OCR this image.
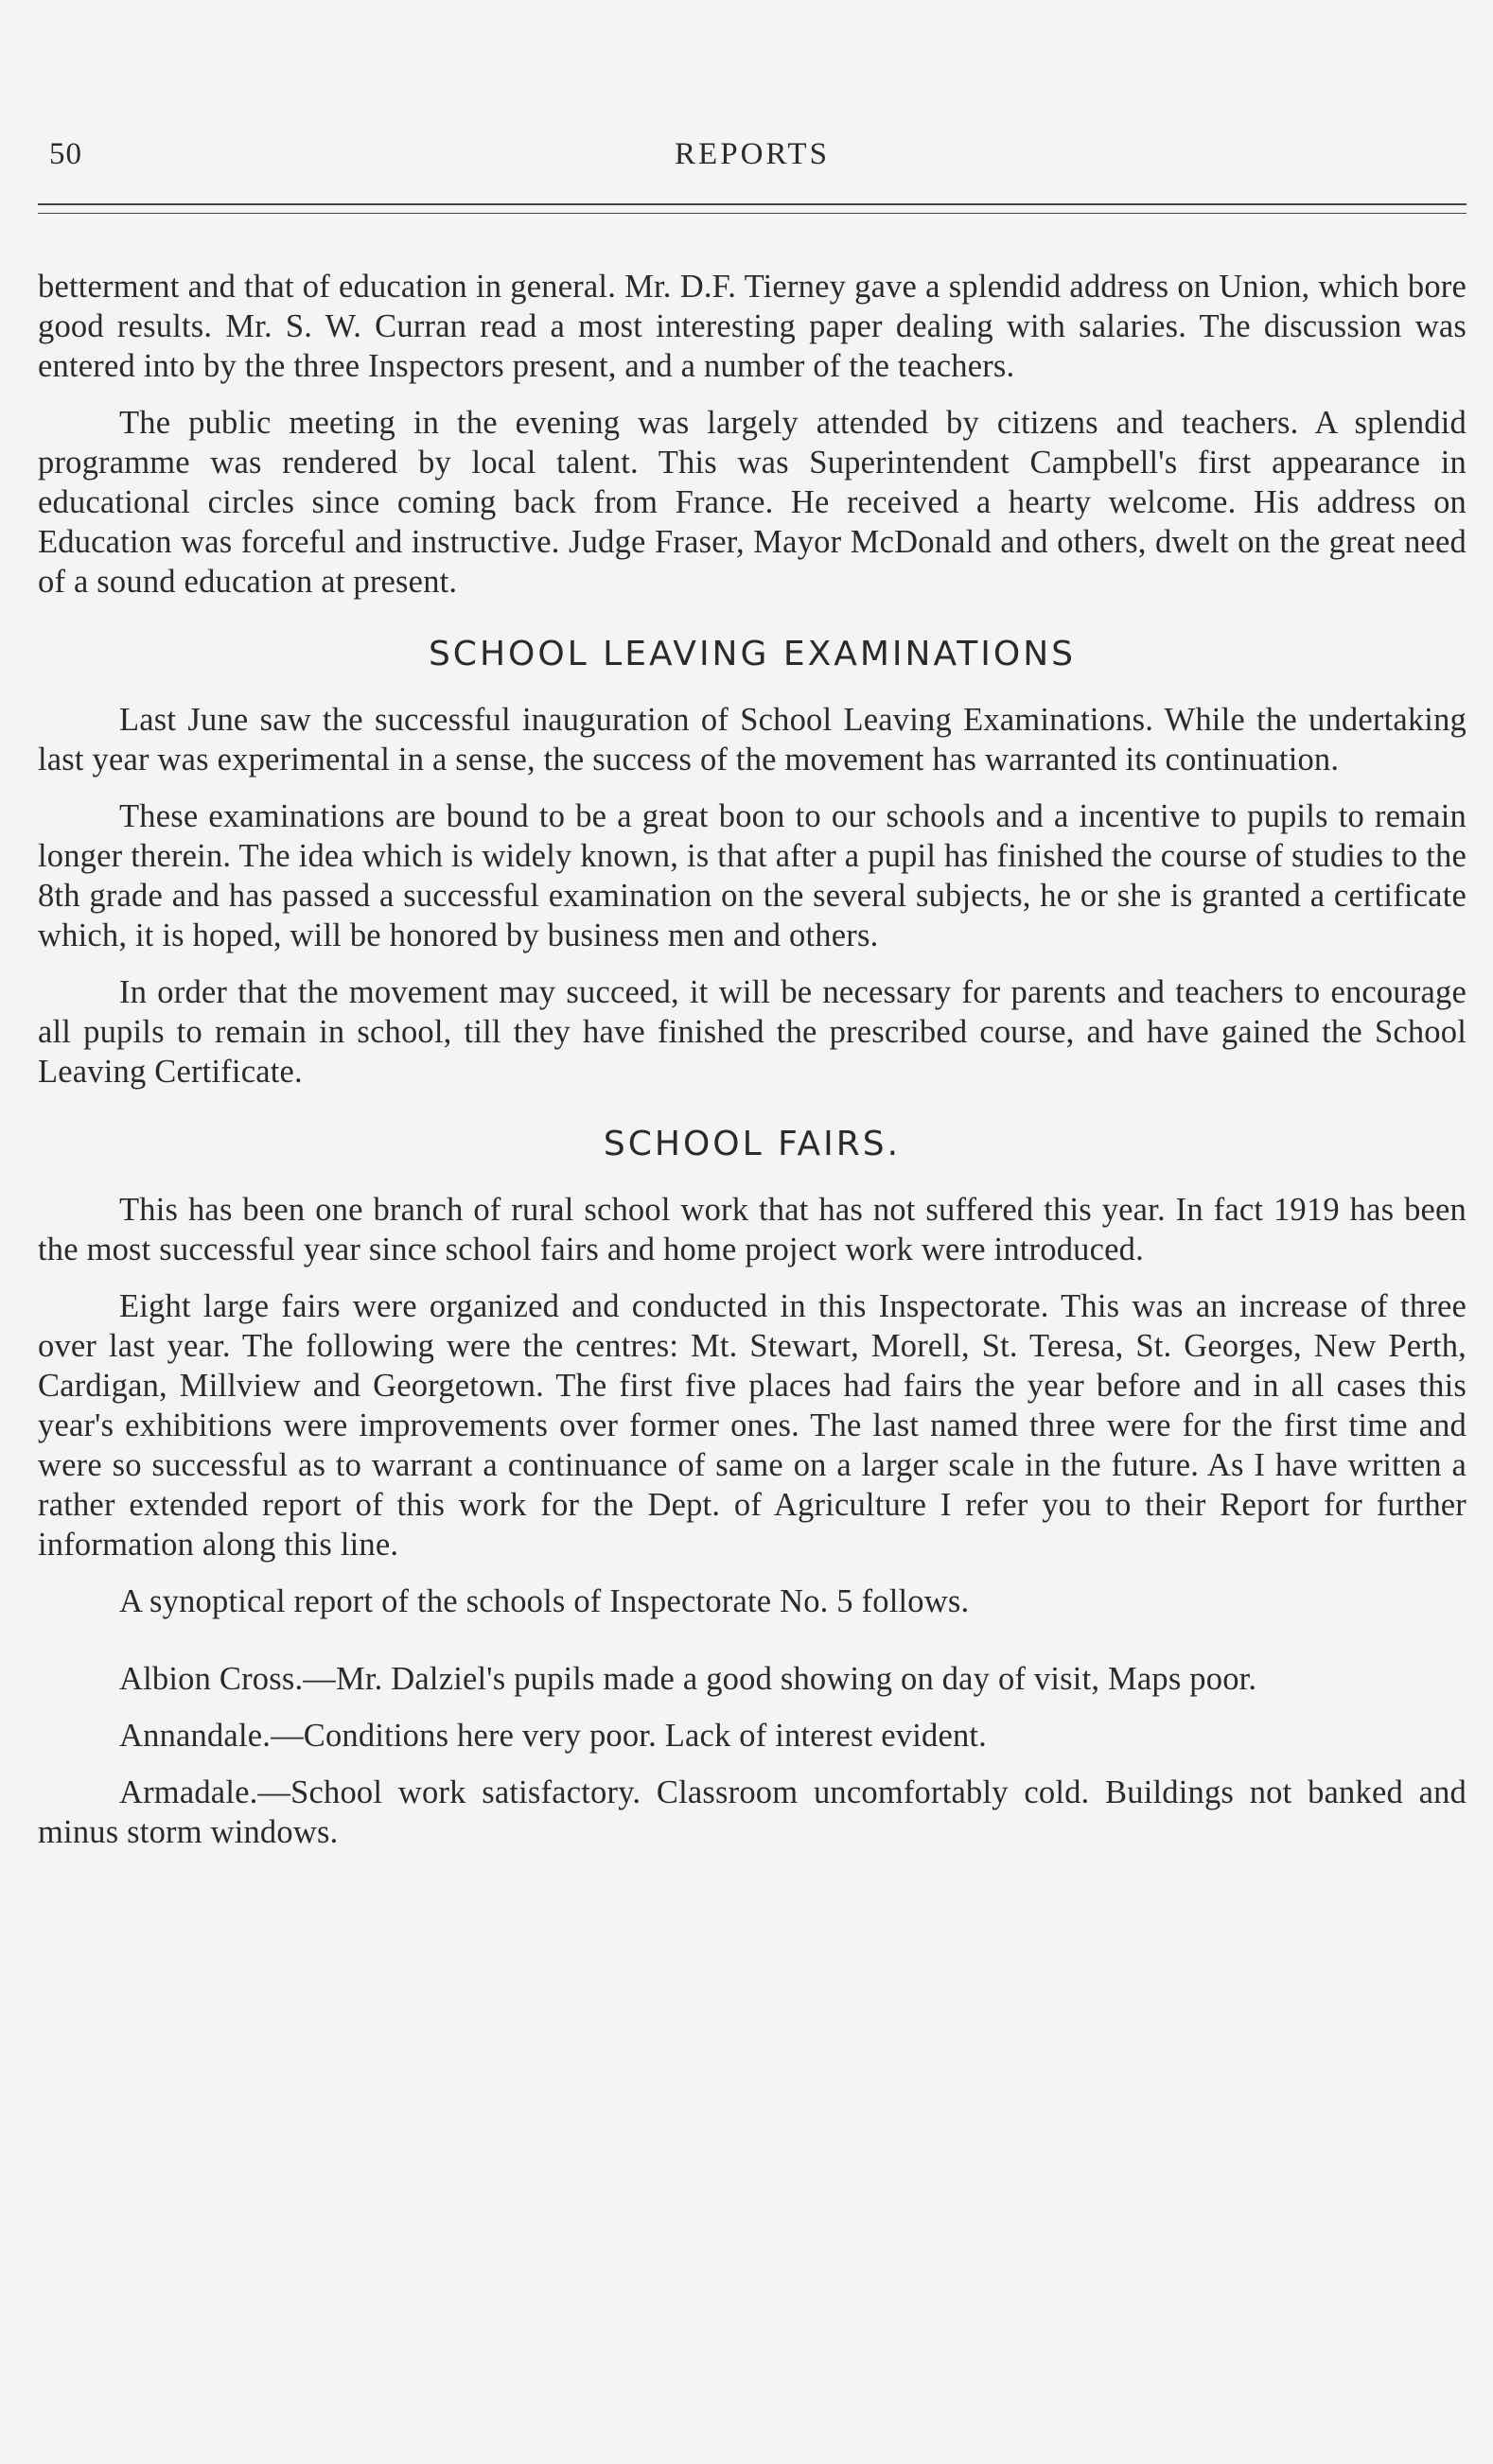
50	REPORTS

betterment and that of education in general. Mr. D.F. Tierney gave a splendid address on Union, which bore good results. Mr. S. W. Curran read a most interesting paper dealing with salaries. The discussion was entered into by the three Inspectors present, and a number of the teachers.

The public meeting in the evening was largely attended by citizens and teachers. A splendid programme was rendered by local talent. This was Superintendent Campbell's first appearance in educational circles since coming back from France. He received a hearty welcome. His address on Education was forceful and instructive. Judge Fraser, Mayor McDonald and others, dwelt on the great need of a sound education at present.

SCHOOL LEAVING EXAMINATIONS

Last June saw the successful inauguration of School Leaving Examinations. While the undertaking last year was experimental in a sense, the success of the movement has warranted its continuation.

These examinations are bound to be a great boon to our schools and a incentive to pupils to remain longer therein. The idea which is widely known, is that after a pupil has finished the course of studies to the 8th grade and has passed a successful examination on the several subjects, he or she is granted a certificate which, it is hoped, will be honored by business men and others.

In order that the movement may succeed, it will be necessary for parents and teachers to encourage all pupils to remain in school, till they have finished the prescribed course, and have gained the School Leaving Certificate.

SCHOOL FAIRS.

This has been one branch of rural school work that has not suffered this year. In fact 1919 has been the most successful year since school fairs and home project work were introduced.

Eight large fairs were organized and conducted in this Inspectorate. This was an increase of three over last year. The following were the centres: Mt. Stewart, Morell, St. Teresa, St. Georges, New Perth, Cardigan, Millview and Georgetown. The first five places had fairs the year before and in all cases this year's exhibitions were improvements over former ones. The last named three were for the first time and were so successful as to warrant a continuance of same on a larger scale in the future. As I have written a rather extended report of this work for the Dept. of Agriculture I refer you to their Report for further information along this line.

A synoptical report of the schools of Inspectorate No. 5 follows.

Albion Cross.—Mr. Dalziel's pupils made a good showing on day of visit, Maps poor.

Annandale.—Conditions here very poor. Lack of interest evident.

Armadale.—School work satisfactory. Classroom uncomfortably cold. Buildings not banked and minus storm windows.
